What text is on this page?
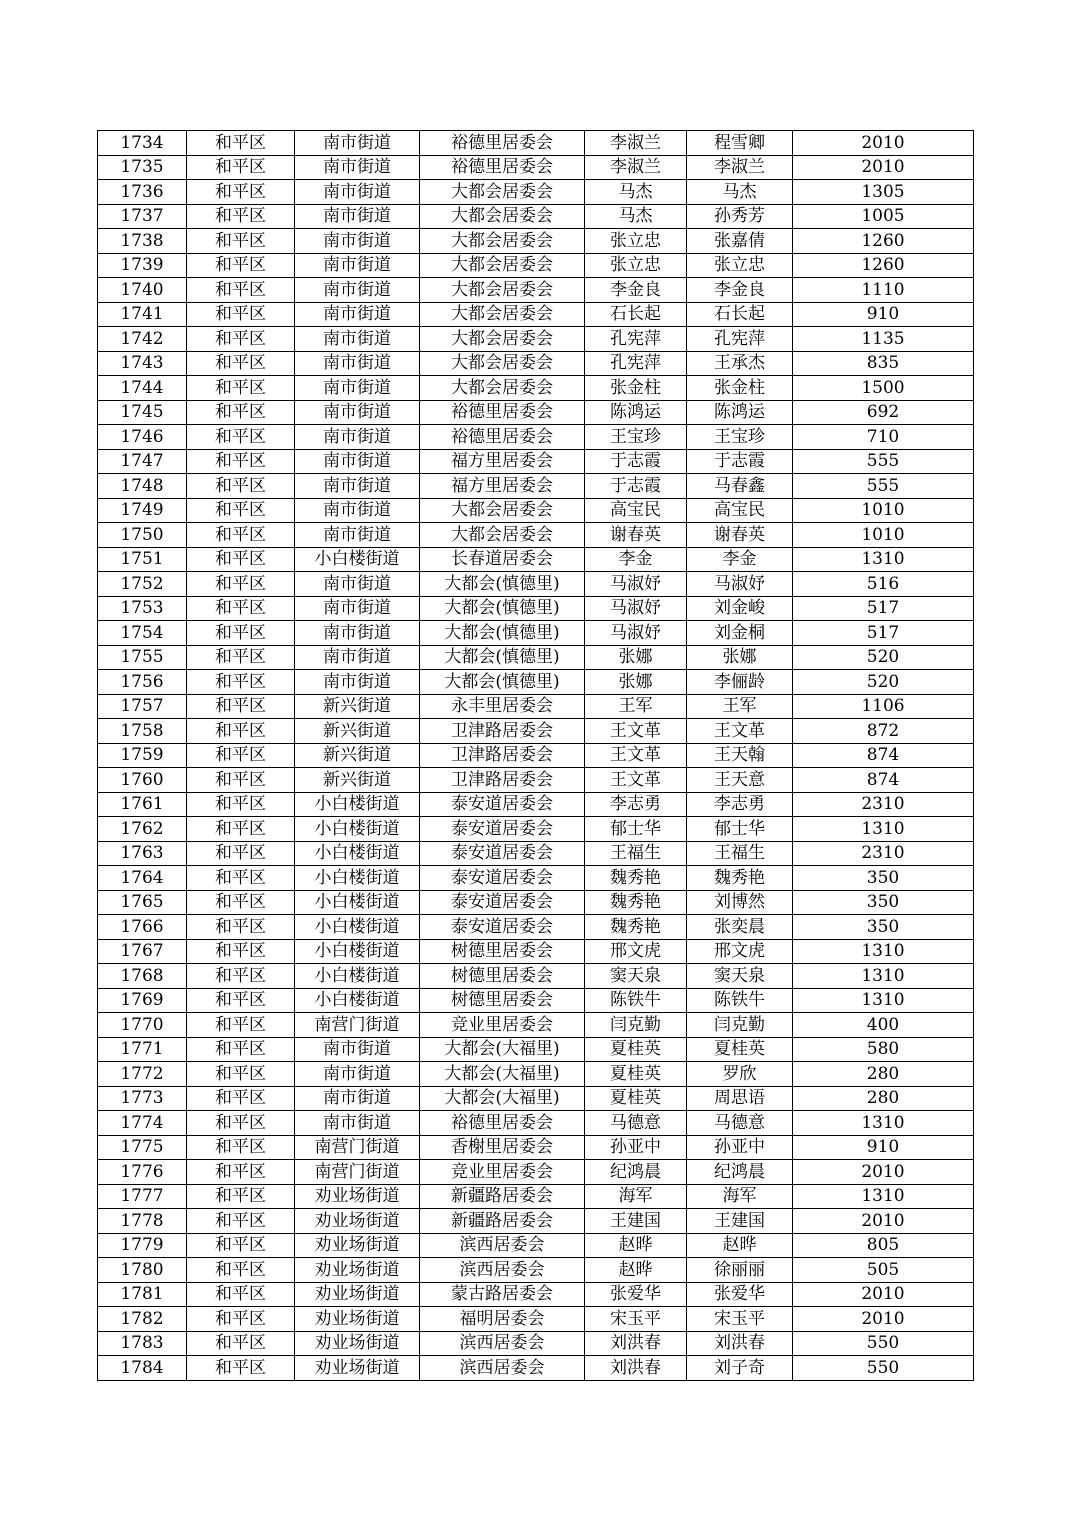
1734	和平区	南市街道	裕德里居委会	李淑兰	程雪卿	2010
1735	和平区	南市街道	裕德里居委会	李淑兰	李淑兰	2010
1736	和平区	南市街道	大都会居委会	马杰	马杰	1305
1737	和平区	南市街道	大都会居委会	马杰	孙秀芳	1005
1738	和平区	南市街道	大都会居委会	张立忠	张嘉倩	1260
1739	和平区	南市街道	大都会居委会	张立忠	张立忠	1260
1740	和平区	南市街道	大都会居委会	李金良	李金良	1110
1741	和平区	南市街道	大都会居委会	石长起	石长起	910
1742	和平区	南市街道	大都会居委会	孔宪萍	孔宪萍	1135
1743	和平区	南市街道	大都会居委会	孔宪萍	王承杰	835
1744	和平区	南市街道	大都会居委会	张金柱	张金柱	1500
1745	和平区	南市街道	裕德里居委会	陈鸿运	陈鸿运	692
1746	和平区	南市街道	裕德里居委会	王宝珍	王宝珍	710
1747	和平区	南市街道	福方里居委会	于志霞	于志霞	555
1748	和平区	南市街道	福方里居委会	于志霞	马春鑫	555
1749	和平区	南市街道	大都会居委会	高宝民	高宝民	1010
1750	和平区	南市街道	大都会居委会	谢春英	谢春英	1010
1751	和平区	小白楼街道	长春道居委会	李金	李金	1310
1752	和平区	南市街道	大都会(慎德里)	马淑妤	马淑妤	516
1753	和平区	南市街道	大都会(慎德里)	马淑妤	刘金峻	517
1754	和平区	南市街道	大都会(慎德里)	马淑妤	刘金桐	517
1755	和平区	南市街道	大都会(慎德里)	张娜	张娜	520
1756	和平区	南市街道	大都会(慎德里)	张娜	李俪龄	520
1757	和平区	新兴街道	永丰里居委会	王军	王军	1106
1758	和平区	新兴街道	卫津路居委会	王文革	王文革	872
1759	和平区	新兴街道	卫津路居委会	王文革	王天翰	874
1760	和平区	新兴街道	卫津路居委会	王文革	王天意	874
1761	和平区	小白楼街道	泰安道居委会	李志勇	李志勇	2310
1762	和平区	小白楼街道	泰安道居委会	郁士华	郁士华	1310
1763	和平区	小白楼街道	泰安道居委会	王福生	王福生	2310
1764	和平区	小白楼街道	泰安道居委会	魏秀艳	魏秀艳	350
1765	和平区	小白楼街道	泰安道居委会	魏秀艳	刘博然	350
1766	和平区	小白楼街道	泰安道居委会	魏秀艳	张奕晨	350
1767	和平区	小白楼街道	树德里居委会	邢文虎	邢文虎	1310
1768	和平区	小白楼街道	树德里居委会	窦天泉	窦天泉	1310
1769	和平区	小白楼街道	树德里居委会	陈铁牛	陈铁牛	1310
1770	和平区	南营门街道	竞业里居委会	闫克勤	闫克勤	400
1771	和平区	南市街道	大都会(大福里)	夏桂英	夏桂英	580
1772	和平区	南市街道	大都会(大福里)	夏桂英	罗欣	280
1773	和平区	南市街道	大都会(大福里)	夏桂英	周思语	280
1774	和平区	南市街道	裕德里居委会	马德意	马德意	1310
1775	和平区	南营门街道	香榭里居委会	孙亚中	孙亚中	910
1776	和平区	南营门街道	竞业里居委会	纪鸿晨	纪鸿晨	2010
1777	和平区	劝业场街道	新疆路居委会	海军	海军	1310
1778	和平区	劝业场街道	新疆路居委会	王建国	王建国	2010
1779	和平区	劝业场街道	滨西居委会	赵晔	赵晔	805
1780	和平区	劝业场街道	滨西居委会	赵晔	徐丽丽	505
1781	和平区	劝业场街道	蒙古路居委会	张爱华	张爱华	2010
1782	和平区	劝业场街道	福明居委会	宋玉平	宋玉平	2010
1783	和平区	劝业场街道	滨西居委会	刘洪春	刘洪春	550
1784	和平区	劝业场街道	滨西居委会	刘洪春	刘子奇	550
